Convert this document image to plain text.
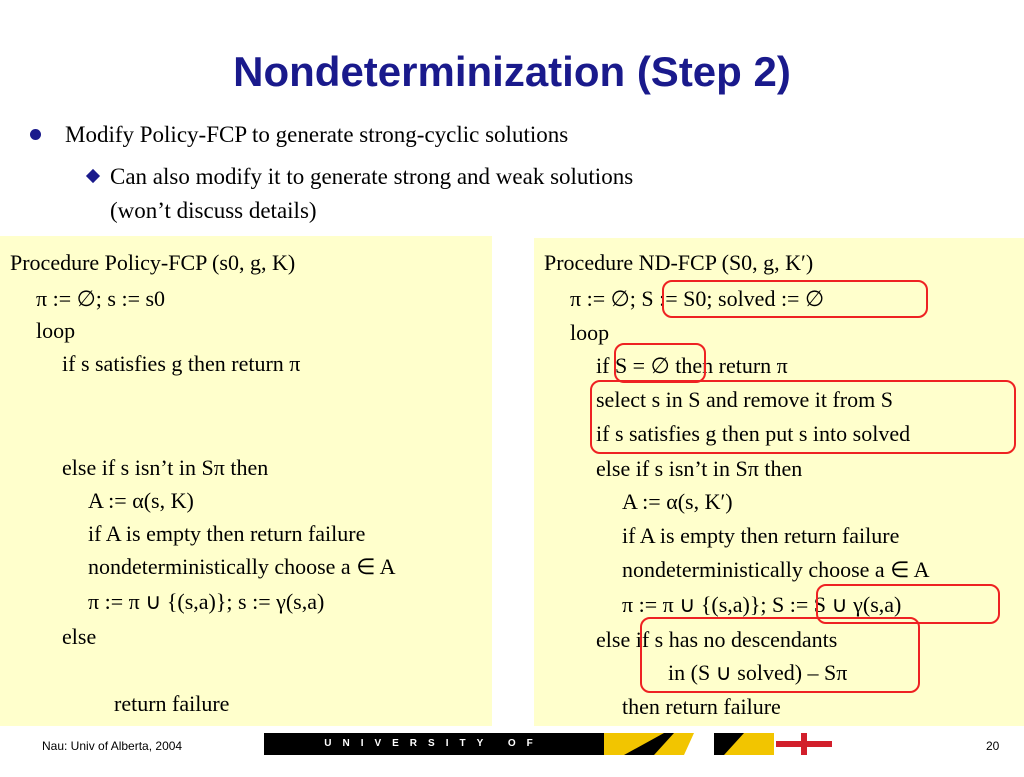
Nondeterminization (Step 2)
Modify Policy-FCP to generate strong-cyclic solutions
Can also modify it to generate strong and weak solutions
(won’t discuss details)
Procedure Policy-FCP (s0, g, K)
π := ∅; s := s0
loop
if s satisfies g then return π
else if s isn’t in Sπ then
A := α(s, K)
if A is empty then return failure
nondeterministically choose a ∈ A
π := π ∪ {(s,a)}; s := γ(s,a)
else
return failure
Procedure ND-FCP (S0, g, K′)
π := ∅; S := S0; solved := ∅
loop
if S = ∅ then return π
select s in S and remove it from S
if s satisfies g then put s into solved
else if s isn’t in Sπ then
A := α(s, K′)
if A is empty then return failure
nondeterministically choose a ∈ A
π := π ∪ {(s,a)}; S := S ∪ γ(s,a)
else if s has no descendants
in (S ∪ solved) – Sπ
then return failure
Nau: Univ of Alberta, 2004	UNIVERSITY OF MARYLAND
20
